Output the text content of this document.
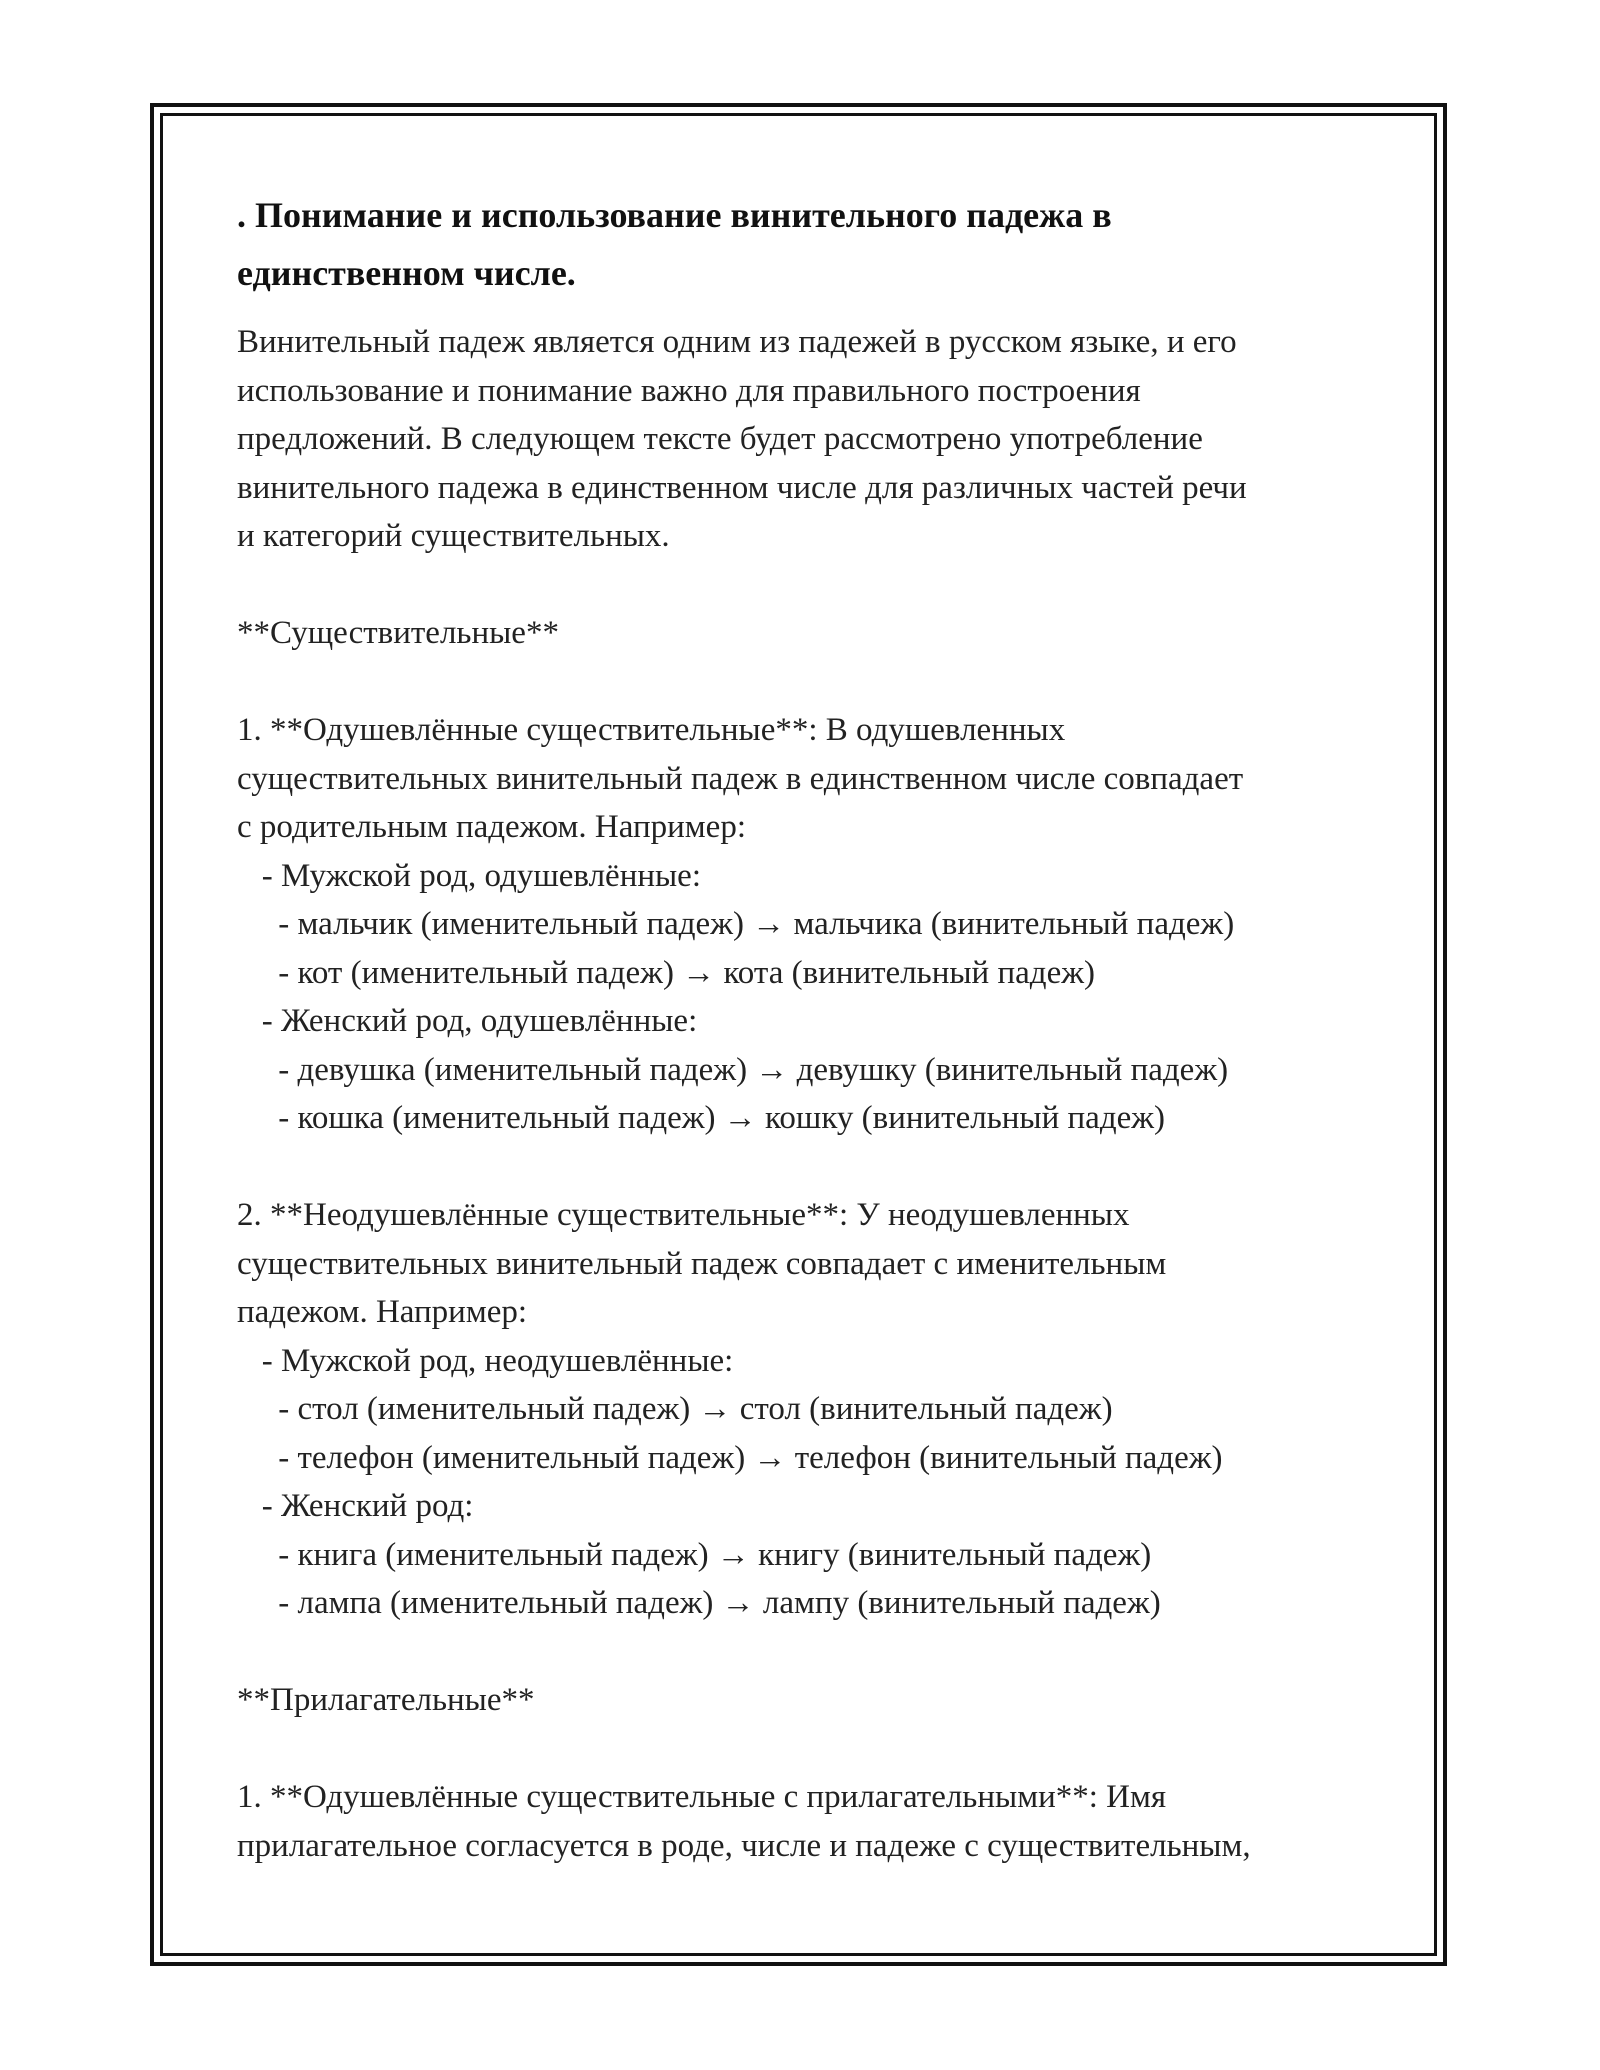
. Понимание и использование винительного падежа в
единственном числе.
Винительный падеж является одним из падежей в русском языке, и его
использование и понимание важно для правильного построения
предложений. В следующем тексте будет рассмотрено употребление
винительного падежа в единственном числе для различных частей речи
и категорий существительных.
**Существительные**
1. **Одушевлённые существительные**: В одушевленных
существительных винительный падеж в единственном числе совпадает
с родительным падежом. Например:
- Мужской род, одушевлённые:
- мальчик (именительный падеж) → мальчика (винительный падеж)
- кот (именительный падеж) → кота (винительный падеж)
- Женский род, одушевлённые:
- девушка (именительный падеж) → девушку (винительный падеж)
- кошка (именительный падеж) → кошку (винительный падеж)
2. **Неодушевлённые существительные**: У неодушевленных
существительных винительный падеж совпадает с именительным
падежом. Например:
- Мужской род, неодушевлённые:
- стол (именительный падеж) → стол (винительный падеж)
- телефон (именительный падеж) → телефон (винительный падеж)
- Женский род:
- книга (именительный падеж) → книгу (винительный падеж)
- лампа (именительный падеж) → лампу (винительный падеж)
**Прилагательные**
1. **Одушевлённые существительные с прилагательными**: Имя
прилагательное согласуется в роде, числе и падеже с существительным,
